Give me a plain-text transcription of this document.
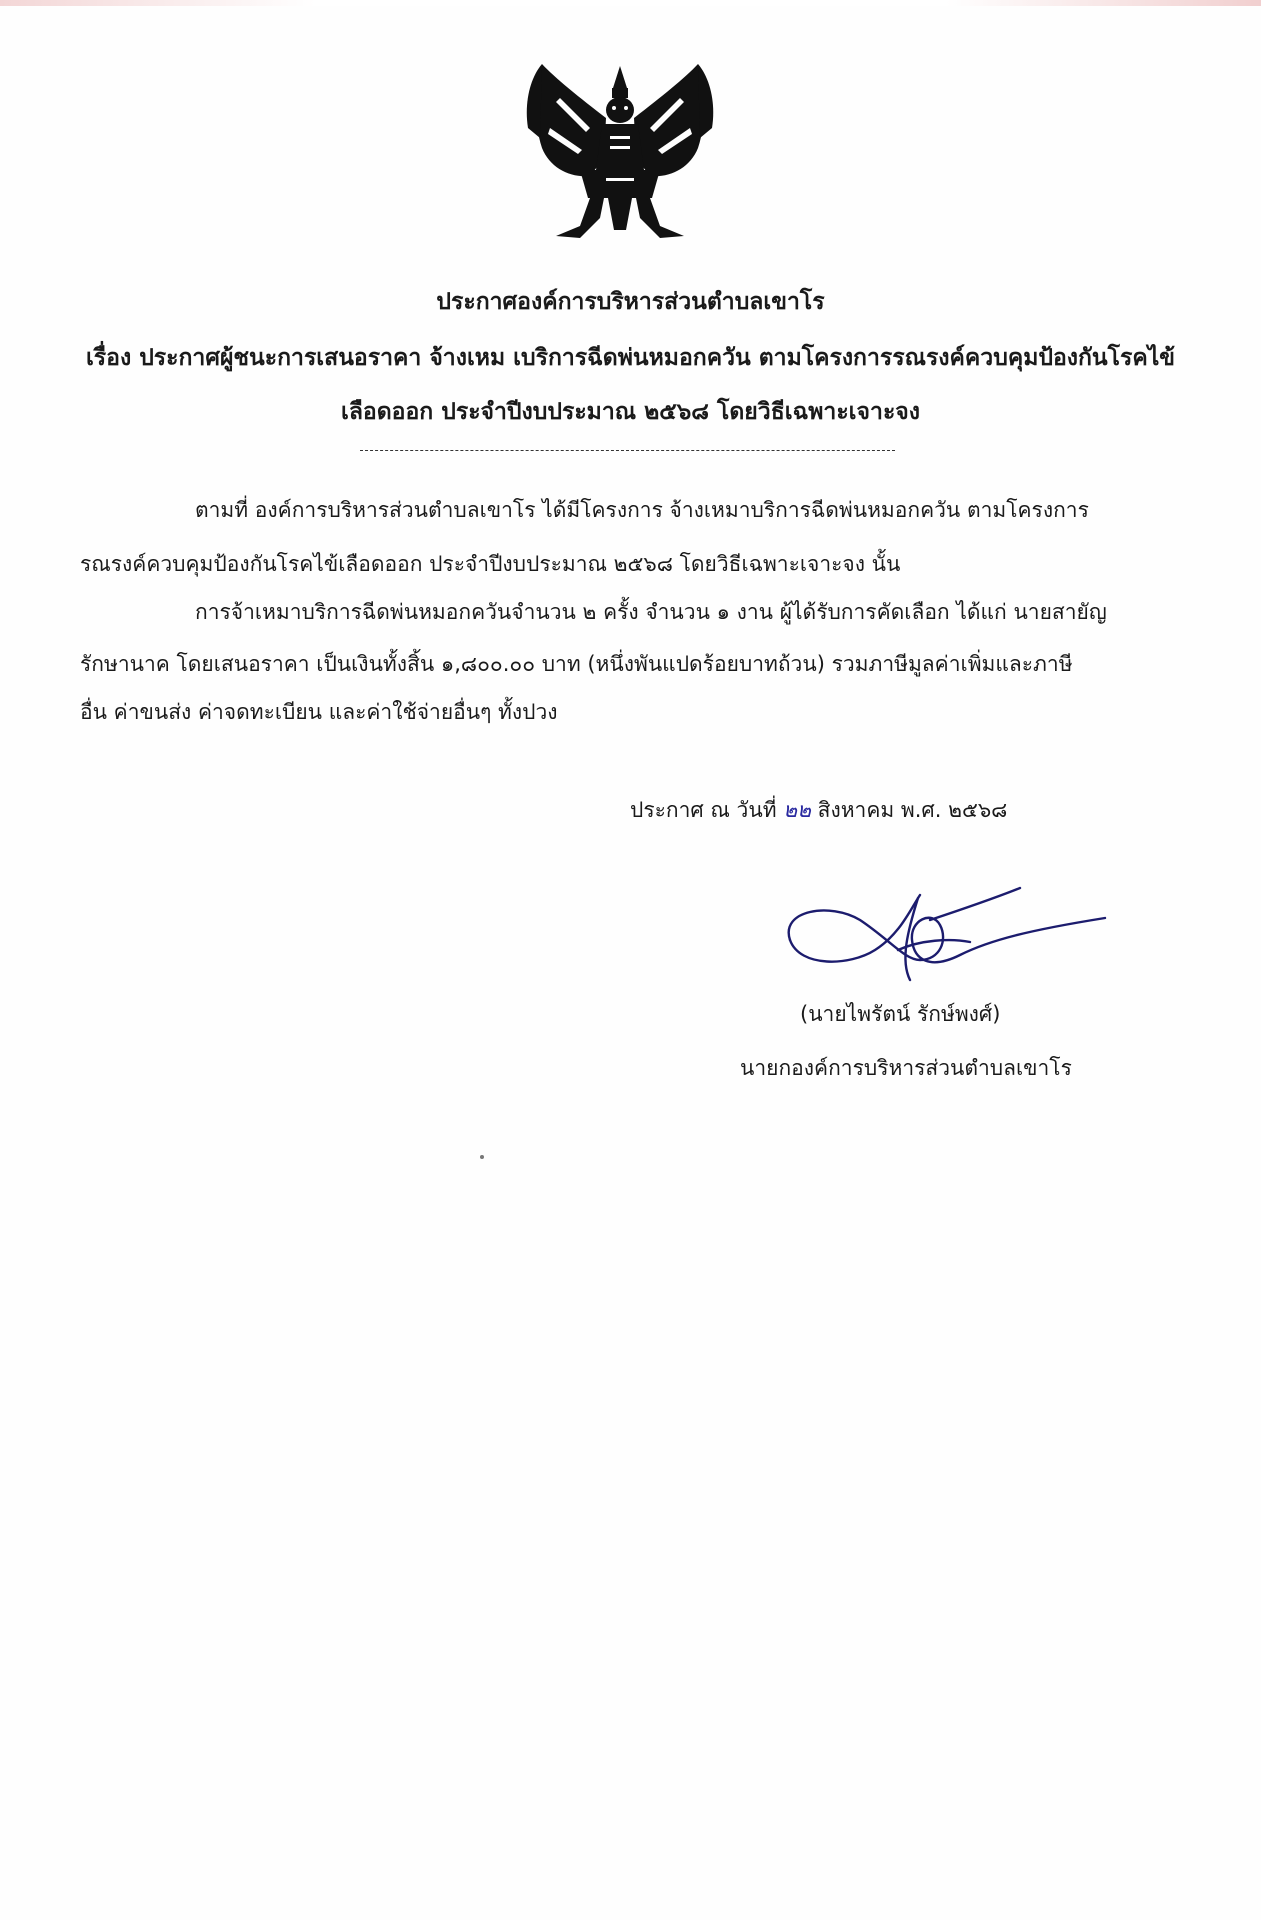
ประกาศองค์การบริหารส่วนตำบลเขาโร
เรื่อง ประกาศผู้ชนะการเสนอราคา จ้างเหม เบริการฉีดพ่นหมอกควัน ตามโครงการรณรงค์ควบคุมป้องกันโรคไข้
เลือดออก ประจำปีงบประมาณ ๒๕๖๘ โดยวิธีเฉพาะเจาะจง
ตามที่ องค์การบริหารส่วนตำบลเขาโร ได้มีโครงการ จ้างเหมาบริการฉีดพ่นหมอกควัน ตามโครงการ
รณรงค์ควบคุมป้องกันโรคไข้เลือดออก ประจำปีงบประมาณ ๒๕๖๘ โดยวิธีเฉพาะเจาะจง นั้น
การจ้าเหมาบริการฉีดพ่นหมอกควันจำนวน ๒ ครั้ง จำนวน ๑ งาน ผู้ได้รับการคัดเลือก ได้แก่ นายสายัญ
รักษานาค โดยเสนอราคา เป็นเงินทั้งสิ้น ๑,๘๐๐.๐๐ บาท (หนึ่งพันแปดร้อยบาทถ้วน) รวมภาษีมูลค่าเพิ่มและภาษี
อื่น ค่าขนส่ง ค่าจดทะเบียน และค่าใช้จ่ายอื่นๆ ทั้งปวง
ประกาศ ณ วันที่ ๒๒ สิงหาคม พ.ศ. ๒๕๖๘
(นายไพรัตน์ รักษ์พงศ์)
นายกองค์การบริหารส่วนตำบลเขาโร
